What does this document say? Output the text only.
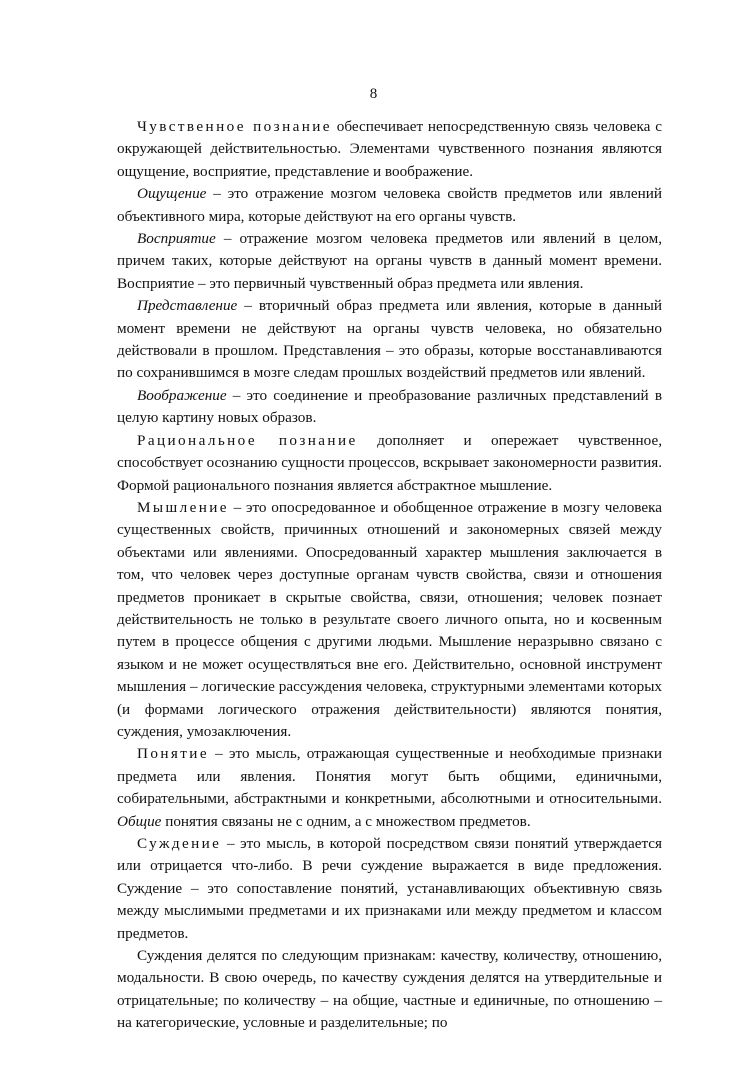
8

Чувственное познание обеспечивает непосредственную связь человека с окружающей действительностью. Элементами чувственного познания являются ощущение, восприятие, представление и воображение.

Ощущение – это отражение мозгом человека свойств предметов или явлений объективного мира, которые действуют на его органы чувств.

Восприятие – отражение мозгом человека предметов или явлений в целом, причем таких, которые действуют на органы чувств в данный момент времени. Восприятие – это первичный чувственный образ предмета или явления.

Представление – вторичный образ предмета или явления, которые в данный момент времени не действуют на органы чувств человека, но обязательно действовали в прошлом. Представления – это образы, которые восстанавливаются по сохранившимся в мозге следам прошлых воздействий предметов или явлений.

Воображение – это соединение и преобразование различных представлений в целую картину новых образов.

Рациональное познание дополняет и опережает чувственное, способствует осознанию сущности процессов, вскрывает закономерности развития. Формой рационального познания является абстрактное мышление.

Мышление – это опосредованное и обобщенное отражение в мозгу человека существенных свойств, причинных отношений и закономерных связей между объектами или явлениями. Опосредованный характер мышления заключается в том, что человек через доступные органам чувств свойства, связи и отношения предметов проникает в скрытые свойства, связи, отношения; человек познает действительность не только в результате своего личного опыта, но и косвенным путем в процессе общения с другими людьми. Мышление неразрывно связано с языком и не может осуществляться вне его. Действительно, основной инструмент мышления – логические рассуждения человека, структурными элементами которых (и формами логического отражения действительности) являются понятия, суждения, умозаключения.

Понятие – это мысль, отражающая существенные и необходимые признаки предмета или явления. Понятия могут быть общими, единичными, собирательными, абстрактными и конкретными, абсолютными и относительными. Общие понятия связаны не с одним, а с множеством предметов.

Суждение – это мысль, в которой посредством связи понятий утверждается или отрицается что-либо. В речи суждение выражается в виде предложения. Суждение – это сопоставление понятий, устанавливающих объективную связь между мыслимыми предметами и их признаками или между предметом и классом предметов.

Суждения делятся по следующим признакам: качеству, количеству, отношению, модальности. В свою очередь, по качеству суждения делятся на утвердительные и отрицательные; по количеству – на общие, частные и единичные, по отношению – на категорические, условные и разделительные; по
